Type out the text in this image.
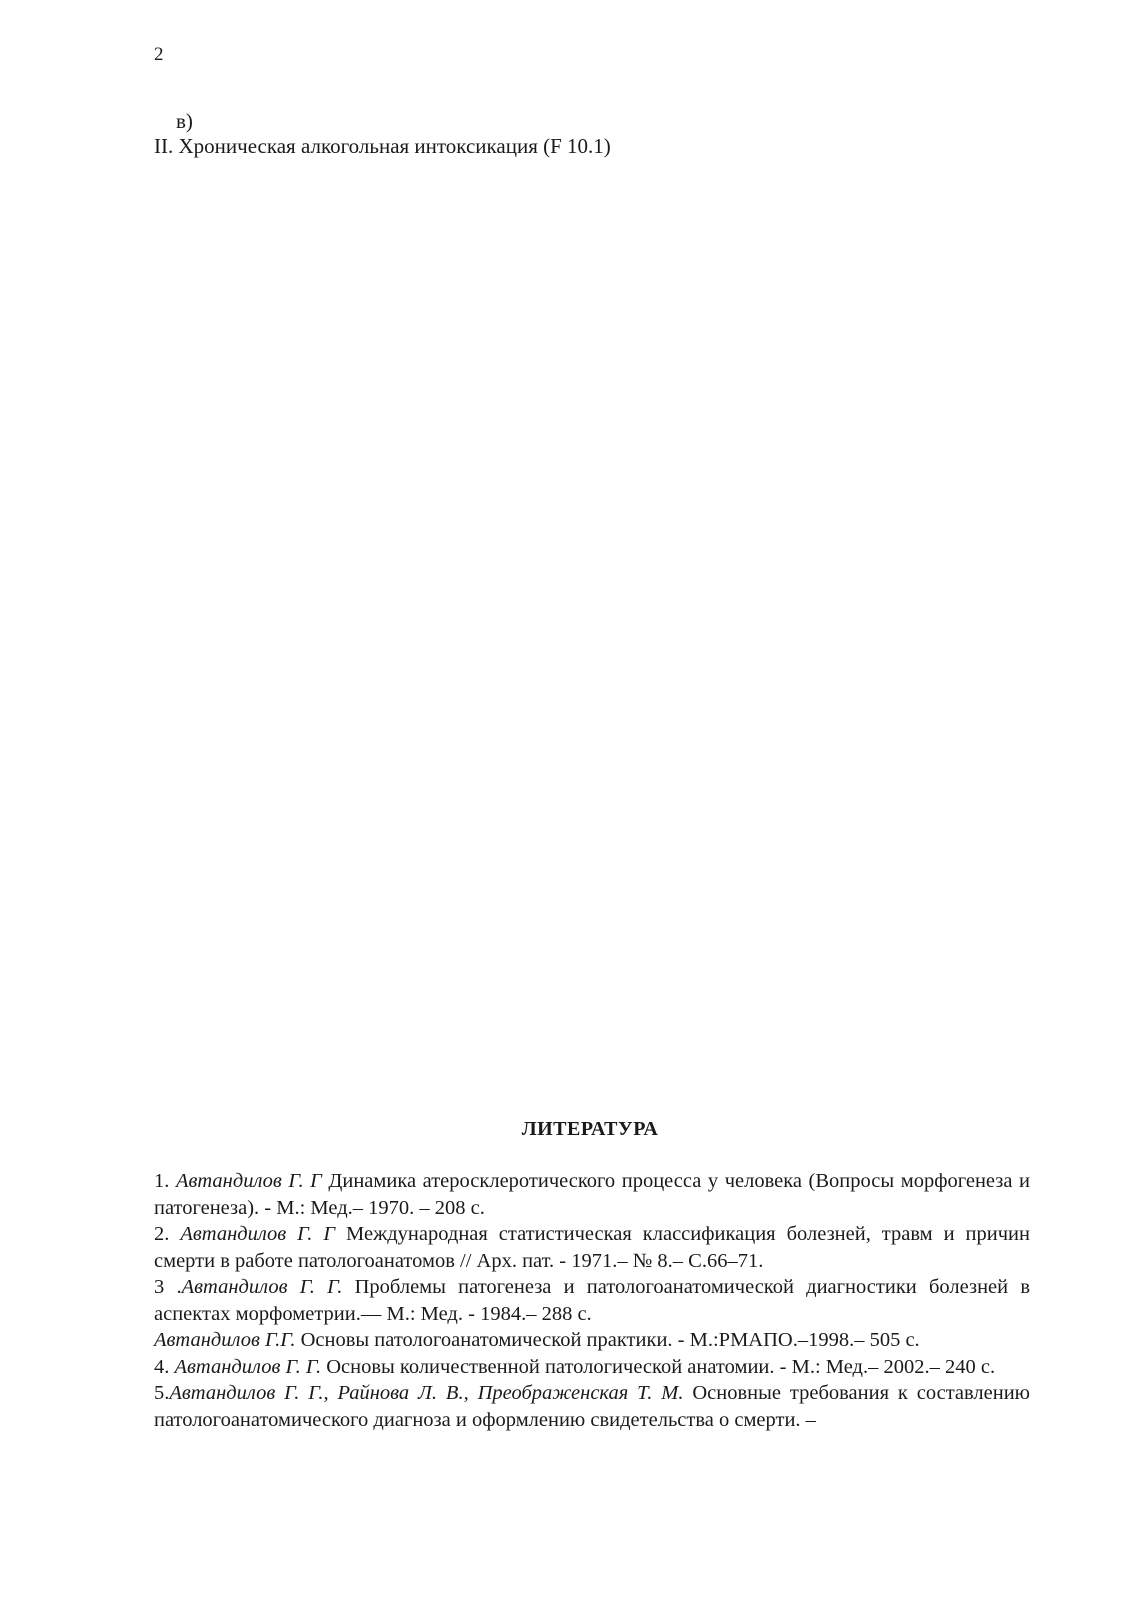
2
в)
II. Хроническая алкогольная интоксикация (F 10.1)
ЛИТЕРАТУРА

1. Автандилов Г. Г Динамика атеросклеротического процесса у человека (Вопросы морфогенеза и патогенеза). - М.: Мед.– 1970. – 208 с.

2. Автандилов Г. Г Международная статистическая классификация болезней, травм и причин смерти в работе патологоанатомов // Арх. пат. - 1971.– № 8.– С.66–71.

3 .Автандилов Г. Г. Проблемы патогенеза и патологоанатомической диагностики болезней в аспектах морфометрии.— М.: Мед. - 1984.– 288 с.

Автандилов Г.Г. Основы патологоанатомической практики. - М.:РМАПО.–1998.– 505 с.

4. Автандилов Г. Г. Основы количественной патологической анатомии. - М.: Мед.– 2002.– 240 с.

5.Автандилов Г. Г., Райнова Л. В., Преображенская Т. М. Основные требования к составлению патологоанатомического диагноза и оформлению свидетельства о смерти. –
